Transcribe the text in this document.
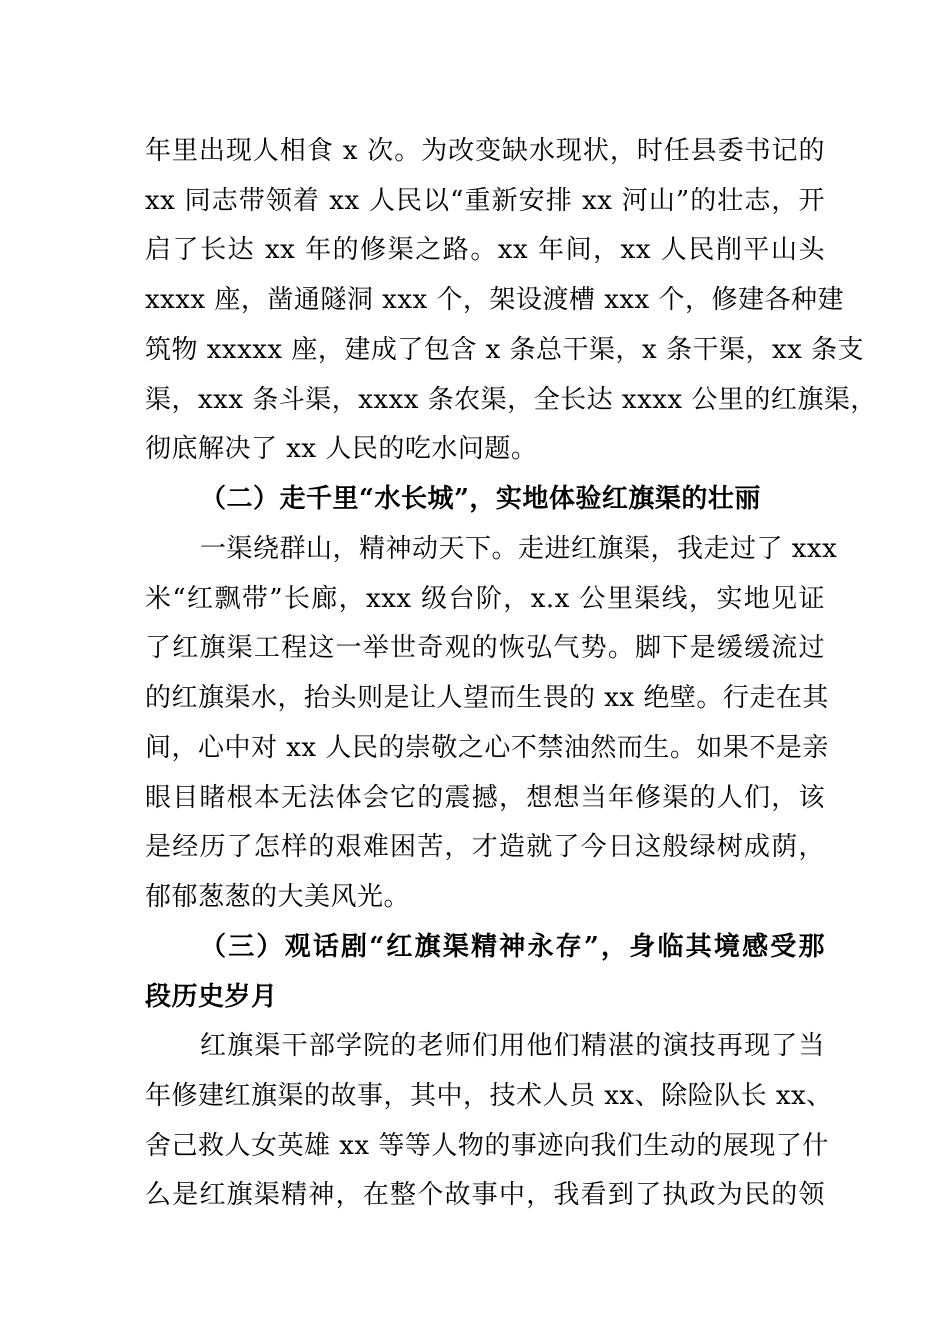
年里出现人相食 x 次。为改变缺水现状，时任县委书记的
xx 同志带领着 xx 人民以“重新安排 xx 河山”的壮志，开
启了长达 xx 年的修渠之路。xx 年间，xx 人民削平山头
xxxx 座，凿通隧洞 xxx 个，架设渡槽 xxx 个，修建各种建
筑物 xxxxx 座，建成了包含 x 条总干渠，x 条干渠，xx 条支
渠，xxx 条斗渠，xxxx 条农渠，全长达 xxxx 公里的红旗渠，
彻底解决了 xx 人民的吃水问题。
（二）走千里“水长城”，实地体验红旗渠的壮丽
一渠绕群山，精神动天下。走进红旗渠，我走过了 xxx
米“红飘带”长廊，xxx 级台阶，x.x 公里渠线，实地见证
了红旗渠工程这一举世奇观的恢弘气势。脚下是缓缓流过
的红旗渠水，抬头则是让人望而生畏的 xx 绝壁。行走在其
间，心中对 xx 人民的崇敬之心不禁油然而生。如果不是亲
眼目睹根本无法体会它的震撼，想想当年修渠的人们，该
是经历了怎样的艰难困苦，才造就了今日这般绿树成荫，
郁郁葱葱的大美风光。
（三）观话剧“红旗渠精神永存”，身临其境感受那
段历史岁月
红旗渠干部学院的老师们用他们精湛的演技再现了当
年修建红旗渠的故事，其中，技术人员 xx、除险队长 xx、
舍己救人女英雄 xx 等等人物的事迹向我们生动的展现了什
么是红旗渠精神，在整个故事中，我看到了执政为民的领
